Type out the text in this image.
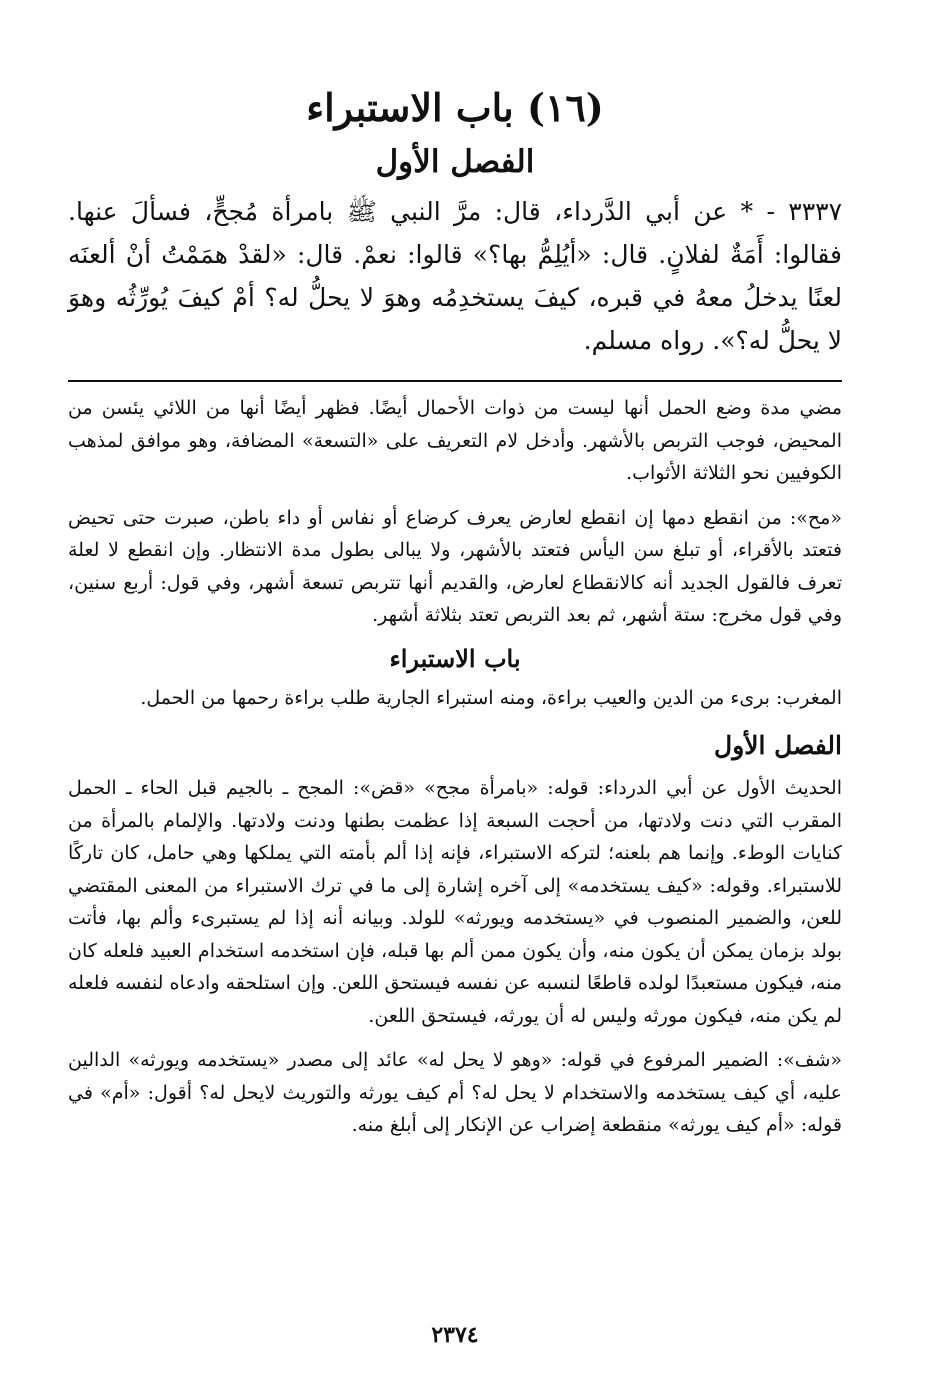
(١٦) باب الاستبراء
الفصل الأول

٣٣٣٧ - * عن أبي الدَّرداء، قال: مرَّ النبي ﷺ بامرأة مُجحٍّ، فسألَ عنها. فقالوا: أَمَةٌ لفلانٍ. قال: «أيُلِمُّ بها؟» قالوا: نعمْ. قال: «لقدْ همَمْتُ أنْ ألعنَه لعنًا يدخلُ معهُ في قبره، كيفَ يستخدِمُه وهوَ لا يحلُّ له؟ أمْ كيفَ يُورِّثُه وهوَ لا يحلُّ له؟». رواه مسلم.

مضي مدة وضع الحمل أنها ليست من ذوات الأحمال أيضًا. فظهر أيضًا أنها من اللائي يئسن من المحيض، فوجب التربص بالأشهر. وأدخل لام التعريف على «التسعة» المضافة، وهو موافق لمذهب الكوفيين نحو الثلاثة الأثواب.

«مح»: من انقطع دمها إن انقطع لعارض يعرف كرضاع أو نفاس أو داء باطن، صبرت حتى تحيض فتعتد بالأقراء، أو تبلغ سن اليأس فتعتد بالأشهر، ولا يبالى بطول مدة الانتظار. وإن انقطع لا لعلة تعرف فالقول الجديد أنه كالانقطاع لعارض، والقديم أنها تتربص تسعة أشهر، وفي قول: أربع سنين، وفي قول مخرج: ستة أشهر، ثم بعد التربص تعتد بثلاثة أشهر.

باب الاستبراء

المغرب: برىء من الدين والعيب براءة، ومنه استبراء الجارية طلب براءة رحمها من الحمل.

الفصل الأول

الحديث الأول عن أبي الدرداء: قوله: «بامرأة مجح» «قض»: المجح ـ بالجيم قبل الحاء ـ الحمل المقرب التي دنت ولادتها، من أحجت السبعة إذا عظمت بطنها ودنت ولادتها. والإلمام بالمرأة من كنايات الوطء. وإنما هم بلعنه؛ لتركه الاستبراء، فإنه إذا ألم بأمته التي يملكها وهي حامل، كان تاركًا للاستبراء. وقوله: «كيف يستخدمه» إلى آخره إشارة إلى ما في ترك الاستبراء من المعنى المقتضي للعن، والضمير المنصوب في «يستخدمه ويورثه» للولد. وبيانه أنه إذا لم يستبرىء وألم بها، فأتت بولد بزمان يمكن أن يكون منه، وأن يكون ممن ألم بها قبله، فإن استخدمه استخدام العبيد فلعله كان منه، فيكون مستعبدًا لولده قاطعًا لنسبه عن نفسه فيستحق اللعن. وإن استلحقه وادعاه لنفسه فلعله لم يكن منه، فيكون مورثه وليس له أن يورثه، فيستحق اللعن.

«شف»: الضمير المرفوع في قوله: «وهو لا يحل له» عائد إلى مصدر «يستخدمه ويورثه» الدالين عليه، أي كيف يستخدمه والاستخدام لا يحل له؟ أم كيف يورثه والتوريث لايحل له؟ أقول: «أم» في قوله: «أم كيف يورثه» منقطعة إضراب عن الإنكار إلى أبلغ منه.

٢٣٧٤
